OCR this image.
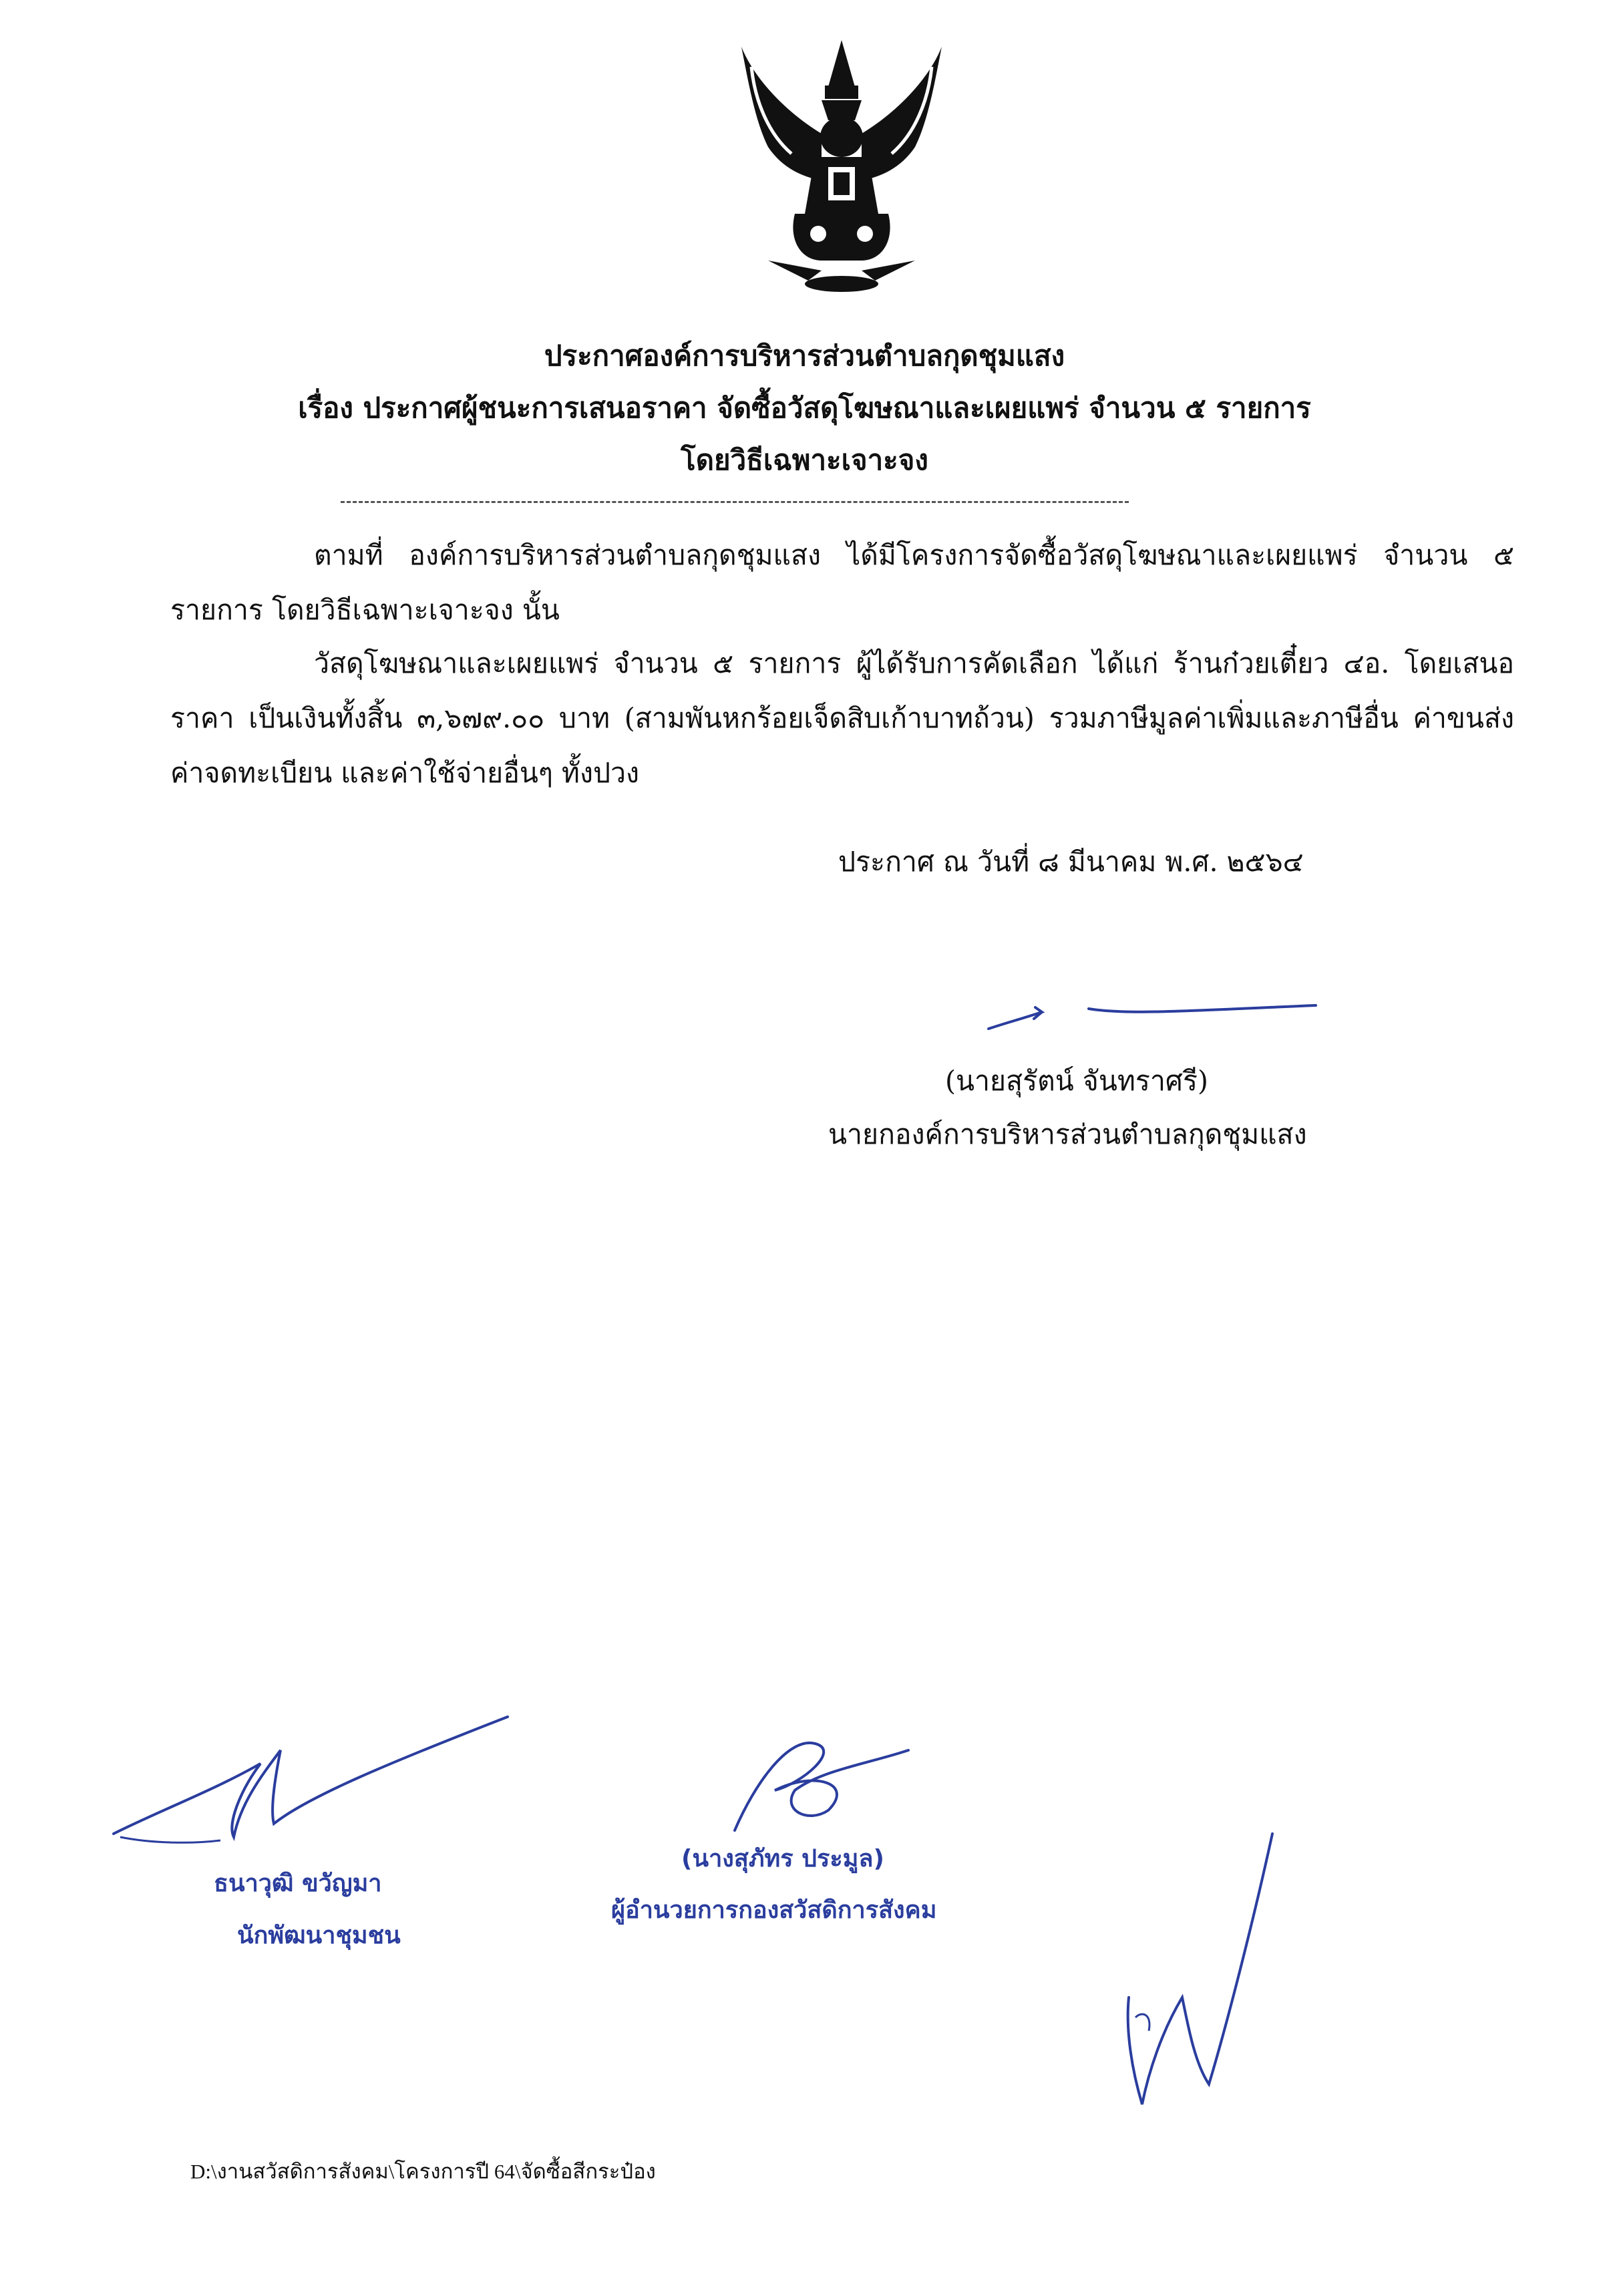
ประกาศองค์การบริหารส่วนตำบลกุดชุมแสง
เรื่อง ประกาศผู้ชนะการเสนอราคา จัดซื้อวัสดุโฆษณาและเผยแพร่ จำนวน ๕ รายการ
โดยวิธีเฉพาะเจาะจง
ตามที่ องค์การบริหารส่วนตำบลกุดชุมแสง ได้มีโครงการจัดซื้อวัสดุโฆษณาและเผยแพร่ จำนวน ๕ รายการ โดยวิธีเฉพาะเจาะจง นั้น
วัสดุโฆษณาและเผยแพร่ จำนวน ๕ รายการ ผู้ได้รับการคัดเลือก ได้แก่ ร้านก๋วยเตี๋ยว ๔อ. โดยเสนอราคา เป็นเงินทั้งสิ้น ๓,๖๗๙.๐๐ บาท (สามพันหกร้อยเจ็ดสิบเก้าบาทถ้วน) รวมภาษีมูลค่าเพิ่มและภาษีอื่น ค่าขนส่ง ค่าจดทะเบียน และค่าใช้จ่ายอื่นๆ ทั้งปวง
ประกาศ ณ วันที่ ๘ มีนาคม พ.ศ. ๒๕๖๔
(นายสุรัตน์ จันทราศรี)
นายกองค์การบริหารส่วนตำบลกุดชุมแสง
ธนาวุฒิ ขวัญมา
นักพัฒนาชุมชน
(นางสุภัทร ประมูล)
ผู้อำนวยการกองสวัสดิการสังคม
D:\งานสวัสดิการสังคม\โครงการปี 64\จัดซื้อสีกระป๋อง
